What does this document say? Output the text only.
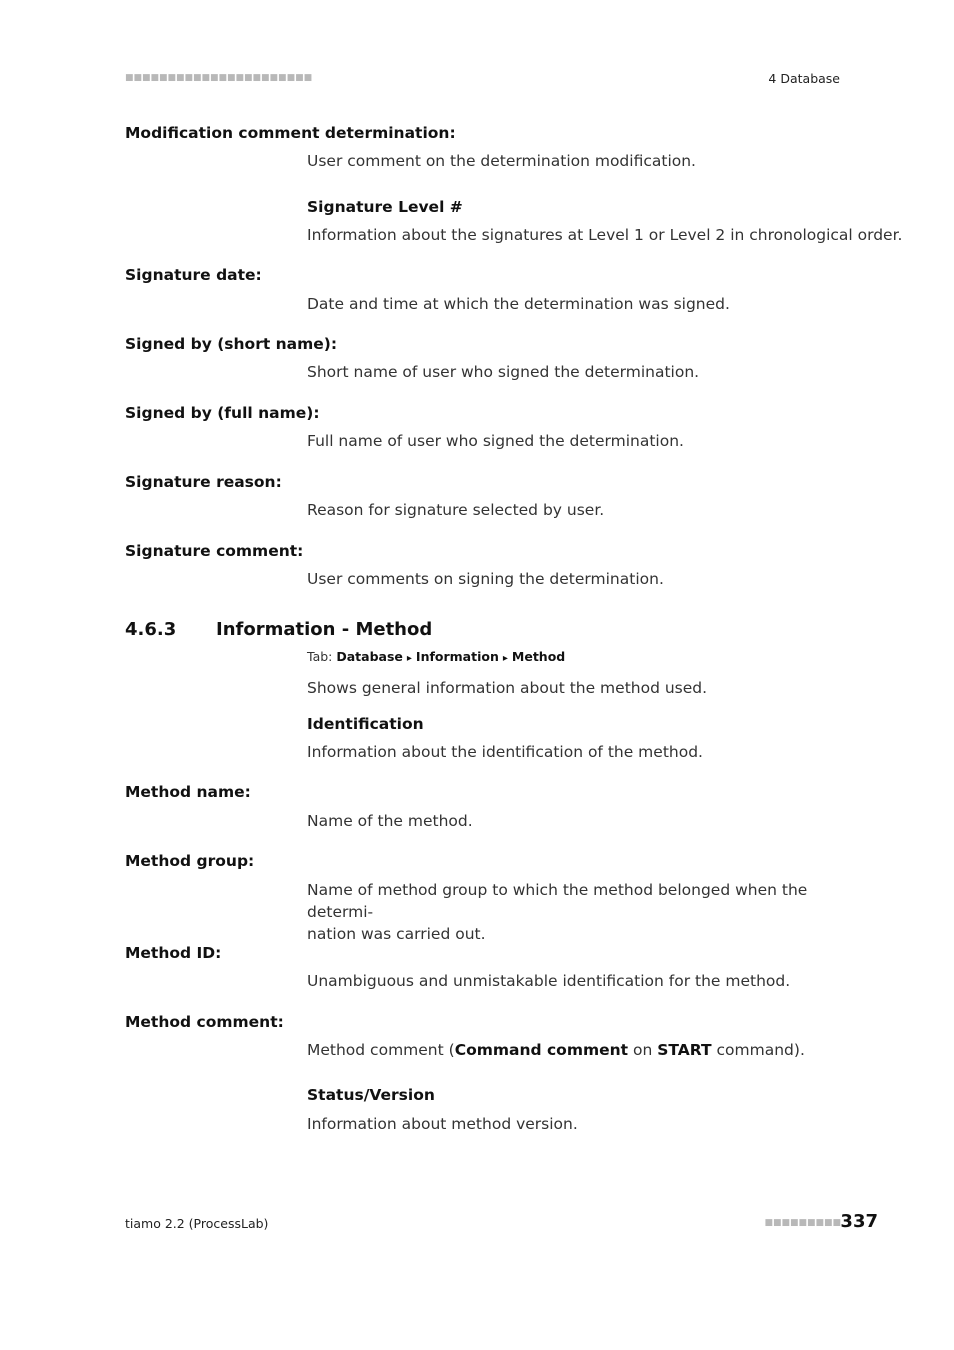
■■■■■■■■■■■■■■■■■■■■■■	4 Database
Modification comment determination:
User comment on the determination modification.
Signature Level #
Information about the signatures at Level 1 or Level 2 in chronological order.
Signature date:
Date and time at which the determination was signed.
Signed by (short name):
Short name of user who signed the determination.
Signed by (full name):
Full name of user who signed the determination.
Signature reason:
Reason for signature selected by user.
Signature comment:
User comments on signing the determination.
4.6.3 Information - Method
Tab: Database ▸ Information ▸ Method
Shows general information about the method used.
Identification
Information about the identification of the method.
Method name:
Name of the method.
Method group:
Name of method group to which the method belonged when the determi-
nation was carried out.
Method ID:
Unambiguous and unmistakable identification for the method.
Method comment:
Method comment (Command comment on START command).
Status/Version
Information about method version.
tiamo 2.2 (ProcessLab)	■■■■■■■■■ 337
